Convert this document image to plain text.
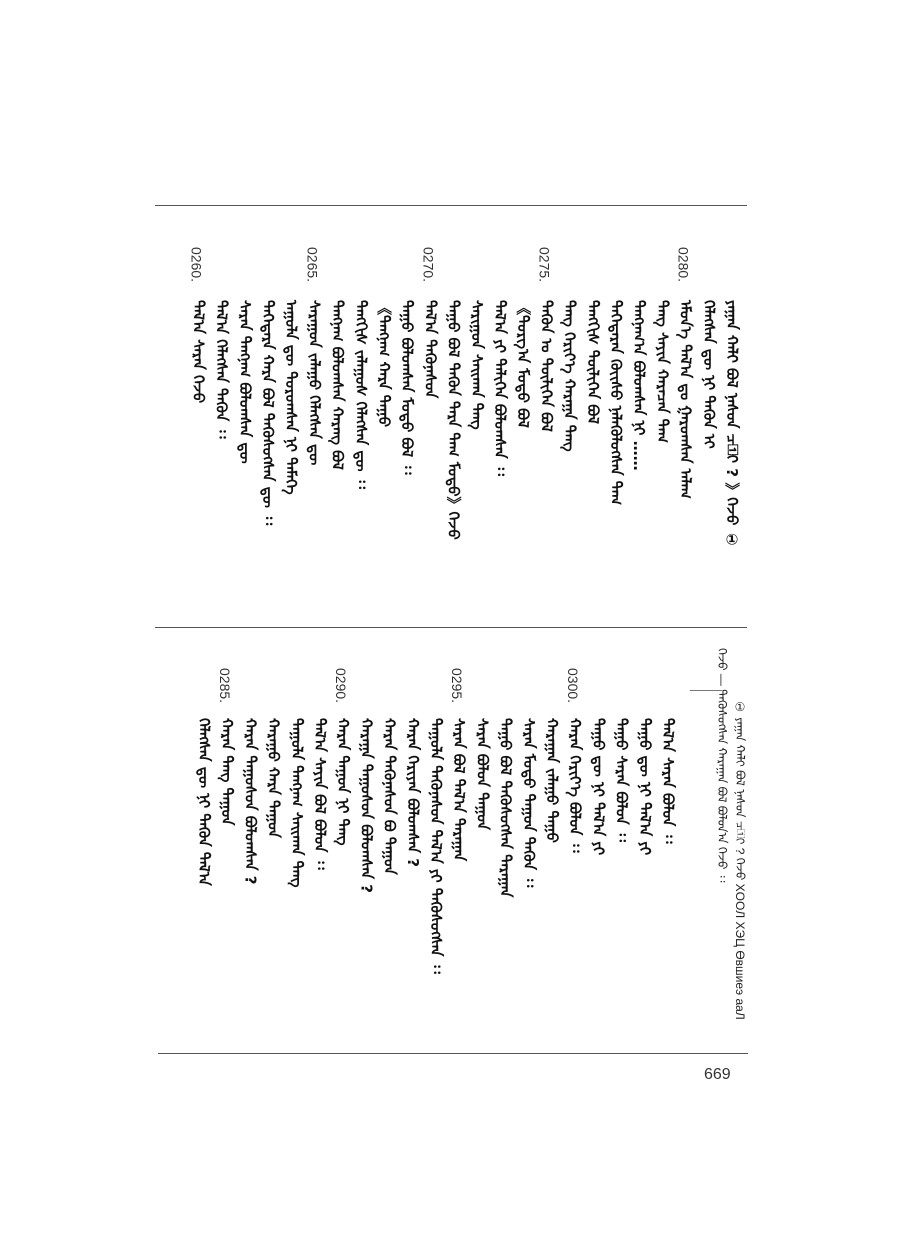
ᠶᠠᠭᠠᠨ ᠬᠠᠯᠢ ᠪᠣᠯ ᠨᠠᠰᠤᠨ ᠴ᠋ᠢ ? 》ᠭᠡᠵᠦ ①
ᠬᠡᠯᠡᠭᠰᠡᠨ ᠳᠦ ᠨᠢ ᠲᠡᠭᠦᠨ ᠢ
0280.
ᠡᠮᠦᠨ᠎ᠡ ᠲᠠᠯ᠎ᠠ ᠳᠤ ᠭᠠᠷᠤᠭᠰᠠᠨ ᠠᠯᠠᠭ
ᠲᠠᠩ ᠰᠠᠶᠢᠨ ᠬᠠᠷᠠᠴᠠᠨ ᠲᠠᠭ
ᠲᠠᠩᠨᠠᠭ᠎ᠠ ᠪᠣᠯᠤᠭᠰᠠᠨ ᠨᠢ ……
ᠲᠡᠭᠡᠳᠡᠷᠡᠨ ᠬᠦᠢᠰᠦ ᠨᠡᠯᠡᠭᠦᠯᠦᠭᠰᠡᠨ ᠲᠠᠭ
ᠲᠡᠩᠭᠢᠰ ᠲᠦᠯᠢᠭᠡᠨ ᠪᠣᠯ
ᠲᠠᠩ ᠬᠡᠷᠢᠶ᠎ᠡ ᠬᠠᠷᠠᠭᠠ ᠲᠠᠩ
0275.
ᠲᠡᠭᠦᠨ ᠤ ᠲᠦᠯᠢᠭᠡᠨ ᠪᠣᠯ
《ᠲᠣᠷᠭ᠎ᠠ ᠮᠣᠳᠣ ᠪᠣᠯ
ᠲᠠᠯ᠎ᠠ ᠶᠢ ᠲᠡᠯᠢᠭᠡᠨ ᠪᠣᠯᠤᠭᠰᠠᠨ ᠄᠄
ᠰᠠᠷᠢᠭᠤᠨ ᠰᠠᠢᠬᠠᠨ ᠲᠠᠩ
ᠲᠠᠭᠤ ᠪᠣᠯ ᠲᠡᠭᠦᠨ ᠲᠠᠷᠠ ᠲᠠᠭ ᠮᠣᠳᠣ》ᠭᠡᠵᠦ
0270.
ᠲᠠᠯ᠎ᠠ ᠲᠡᠭᠦᠨᠡᠰᠦᠨ
ᠲᠠᠭᠤ ᠪᠣᠯᠤᠭᠰᠠᠨ ᠮᠣᠳᠣ ᠪᠣᠯ ᠄᠄
《ᠲᠠᠩᠨᠠᠭ ᠬᠠᠷᠠ ᠲᠠᠭᠤ
ᠲᠡᠩᠭᠢᠰ ᠵᠠᠯᠠᠭᠤᠰ ᠬᠡᠯᠡᠭᠰᠡᠨ ᠳᠦ ᠄᠄
ᠲᠠᠩᠨᠠᠭ ᠪᠣᠯᠤᠭᠰᠠᠨ ᠬᠠᠷᠠᠩ ᠪᠣᠯ
0265.
ᠰᠠᠷᠠᠭᠤᠨ ᠵᠠᠯᠠᠭᠤ ᠬᠡᠯᠡᠭᠰᠡᠨ ᠳᠦ
ᠠᠭᠤᠯᠠ ᠳᠦ ᠲᠣᠷᠣᠭᠰᠠᠨ ᠨᠢ ᠲᠡᠮᠡᠭᠡ
ᠲᠡᠭᠡᠳᠡᠷᠡ ᠬᠠᠷᠠ ᠪᠣᠯ ᠲᠡᠭᠦᠰᠦᠭᠰᠡᠨ ᠳᠦ ᠄᠄
ᠰᠠᠷᠠᠨ ᠲᠠᠩᠨᠠᠭ ᠪᠣᠯᠤᠭᠰᠠᠨ ᠳᠦ
ᠲᠠᠯ᠎ᠠ ᠬᠡᠯᠡᠭᠰᠡᠨ ᠲᠡᠭᠦᠨ ᠄᠄
0260.
ᠲᠠᠯ᠎ᠠ ᠰᠠᠷᠠᠨ ᠭᠡᠵᠦ
ᠲᠠᠯ᠎ᠠ ᠰᠠᠷᠠᠨ ᠪᠣᠯᠤᠨ ᠄᠄
ᠲᠠᠭᠤ ᠳᠦ ᠨᠢ ᠲᠠᠯ᠎ᠠ ᠶᠢ
ᠲᠠᠭᠤ ᠰᠠᠷᠠᠨ ᠪᠣᠯᠤᠨ ᠄᠄
ᠲᠠᠭᠤ ᠳᠦ ᠨᠢ ᠲᠠᠯ᠎ᠠ ᠶᠢ
0300.
ᠬᠠᠷᠠᠨ ᠬᠡᠷᠢᠶ᠎ᠡ ᠪᠣᠯᠤᠨ ᠄᠄
ᠬᠠᠷᠠᠭᠠᠨ ᠵᠠᠯᠠᠭᠤ ᠲᠠᠭᠤ
ᠰᠠᠷᠠᠨ ᠮᠣᠳᠣ ᠲᠠᠭᠤᠨ ᠲᠡᠭᠦᠨ ᠄᠄
ᠲᠠᠭᠤ ᠪᠣᠯ ᠲᠡᠭᠦᠰᠦᠭᠰᠡᠨ ᠲᠠᠷᠠᠭᠠᠨ
ᠰᠠᠷᠠᠨ ᠪᠣᠯᠤᠨ ᠲᠠᠭᠤᠨ
0295.
ᠰᠠᠷᠠᠨ ᠪᠣᠯ ᠲᠠᠯ᠎ᠠ ᠲᠠᠷᠠᠭᠠᠨ
ᠲᠠᠭᠤᠯᠠ ᠲᠡᠭᠦᠨᠡᠰᠦᠨ ᠲᠠᠯ᠎ᠠ ᠶᠢ ᠲᠡᠭᠦᠰᠦᠭᠰᠡᠨ ᠄᠄
ᠬᠠᠷᠠᠨ ᠬᠡᠷᠢᠶᠡᠨ ᠪᠣᠯᠤᠭᠰᠠᠨ ?
ᠬᠠᠷᠠᠨ ᠲᠡᠭᠦᠨᠡᠰᠦᠨ ᠪᠣ ᠲᠠᠭᠤᠨ
ᠬᠠᠷᠠᠭᠠ ᠲᠠᠭᠤᠰᠤᠨ ᠪᠣᠯᠤᠭᠰᠠᠨ ?
0290.
ᠬᠠᠷᠠᠨ ᠲᠠᠭᠤᠨ ᠨᠢ ᠲᠠᠩ
ᠲᠠᠯ᠎ᠠ ᠰᠠᠶᠢᠨ ᠪᠣᠯ ᠪᠣᠯᠤᠨ ᠄᠄
ᠲᠠᠭᠤᠯᠠ ᠲᠠᠩᠨᠠᠭ ᠰᠠᠢᠬᠠᠨ ᠲᠠᠩ
ᠬᠠᠷᠠᠭᠤ ᠬᠠᠷᠠ ᠲᠠᠭᠤᠨ
ᠬᠠᠷᠠᠨ ᠲᠠᠭᠤᠰᠤᠨ ᠪᠣᠯᠤᠭᠰᠠᠨ ?
0285.
ᠬᠠᠷᠠᠨ ᠲᠠᠩ ᠲᠠᠭᠤᠨ
ᠬᠡᠯᠡᠭᠰᠡᠨ ᠳᠦ ᠨᠢ ᠲᠡᠭᠦᠨ ᠲᠠᠯ᠎ᠠ	ᠭᠡᠵᠦ — ᠲᠡᠭᠦᠰᠦᠭᠰᠡᠨ ᠬᠠᠷᠠᠭᠠᠨ ᠪᠣᠯ ᠪᠣᠯᠤᠨ᠎ᠠ ᠭᠡᠵᠦ ᠄᠄ ① ᠶᠠᠭᠠᠨ ᠬᠠᠯᠢ ᠪᠣᠯ ᠨᠠᠰᠤᠨ ᠴ᠋ᠢ ? ᠭᠡᠵᠦ XOOЛ XЭЦ Өвшиеэ ааЛ
669
